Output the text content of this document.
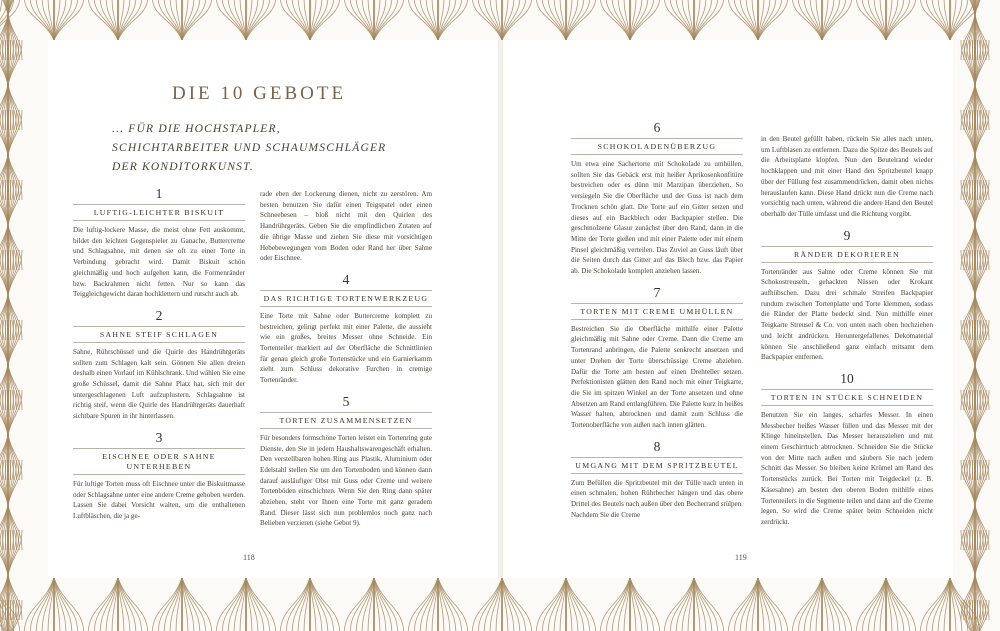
DIE 10 GEBOTE
... FÜR DIE HOCHSTAPLER, SCHICHTARBEITER UND SCHAUMSCHLÄGER DER KONDITORKUNST.
1
LUFTIG-LEICHTER BISKUIT
Die luftig-lockere Masse, die meist ohne Fett auskommt, bildet den leichten Gegenspieler zu Ganache, Buttercreme und Schlagsahne, mit denen sie oft zu einer Torte in Verbindung gebracht wird. Damit Biskuit schön gleichmäßig und hoch aufgehen kann, die Formenränder bzw. Backrahmen nicht fetten. Nur so kann das Teiggleichgewicht daran hochklettern und rutscht auch ab.
2
SAHNE STEIF SCHLAGEN
Sahne, Rührschüssel und die Quirle des Handrührgeräts sollten zum Schlagen kalt sein. Gönnen Sie allen dreien deshalb einen Vorlauf im Kühlschrank. Und wählen Sie eine große Schüssel, damit die Sahne Platz hat, sich mit der untergeschlagenen Luft aufzuplustern. Schlagsahne ist richtig steif, wenn die Quirle des Handrührgeräts dauerhaft sichtbare Spuren in ihr hinterlassen.
3
EISCHNEE ODER SAHNE UNTERHEBEN
Für luftige Torten muss oft Eischnee unter die Biskuitmasse oder Schlagsahne unter eine andere Creme gehoben werden. Lassen Sie dabei Vorsicht walten, um die enthaltenen Luftbläschen, die ja ge-
rade eben der Lockerung dienen, nicht zu zerstören. Am besten benutzen Sie dafür einen Teigspatel oder einen Schneebesen – bloß nicht mit den Quirlen des Handrührgeräts. Geben Sie die empfindlichen Zutaten auf die übrige Masse und ziehen Sie diese mit vorsichtigen Hebebewegungen vom Boden oder Rand her über Sahne oder Eischnee.
4
DAS RICHTIGE TORTENWERKZEUG
Eine Torte mit Sahne oder Buttercreme komplett zu bestreichen, gelingt perfekt mit einer Palette, die aussieht wie ein großes, breites Messer ohne Schneide. Ein Tortenteiler markiert auf der Oberfläche die Schnittlinien für genau gleich große Tortenstücke und ein Garnierkamm zieht zum Schluss dekorative Furchen in cremige Tortenränder.
5
TORTEN ZUSAMMENSETZEN
Für besonders formschöne Torten leistet ein Tortenring gute Dienste, den Sie in jedem Haushaltswarengeschäft erhalten. Den verstellbaren hohen Ring aus Plastik, Aluminium oder Edelstahl stellen Sie um den Tortenboden und können dann darauf ausläufiger Obst mit Guss oder Creme und weitere Tortenböden einschichten. Wenn Sie den Ring dann später abziehen, steht vor Ihnen eine Torte mit ganz geradem Rand. Dieser lässt sich nun problemlos noch ganz nach Belieben verzieren (siehe Gebot 9).
6
SCHOKOLADENÜBERZUG
Um etwa eine Sachertorte mit Schokolade zu umhüllen, sollten Sie das Gebäck erst mit heißer Aprikosenkonfitüre bestreichen oder es dünn mit Marzipan überziehen. So versiegeln Sie die Oberfläche und der Guss ist nach dem Trocknen schön glatt. Die Torte auf ein Gitter setzen und dieses auf ein Backblech oder Backpapier stellen. Die geschmolzene Glasur zunächst über den Rand, dann in die Mitte der Torte gießen und mit einer Palette oder mit einem Pinsel gleichmäßig verteilen. Das Zuviel an Guss läuft über die Seiten durch das Gitter auf das Blech bzw. das Papier ab. Die Schokolade komplett anziehen lassen.
7
TORTEN MIT CREME UMHÜLLEN
Bestreichen Sie die Oberfläche mithilfe einer Palette gleichmäßig mit Sahne oder Creme. Dann die Creme am Tortenrand anbringen, die Palette senkrecht ansetzen und unter Drehen der Torte überschüssige Creme abziehen. Dafür die Torte am besten auf einen Drehteller setzen. Perfektionisten glätten den Rand noch mit einer Teigkarte, die Sie im spitzen Winkel an der Torte ansetzen und ohne Absetzen am Rand entlangführen. Die Palette kurz in heißes Wasser halten, abtrocknen und damit zum Schluss die Tortenoberfläche von außen nach innen glätten.
8
UMGANG MIT DEM SPRITZBEUTEL
Zum Befüllen die Spritzbeutel mit der Tülle nach unten in einen schmalen, hohen Rührbecher hängen und das obere Drittel des Beutels nach außen über den Becherrand stülpen. Nachdem Sie die Creme
in den Beutel gefüllt haben, rückeln Sie alles nach unten, um Luftblasen zu entfernen. Dazu die Spitze des Beutels auf die Arbeitsplatte klopfen. Nun den Beutelrand wieder hochklappen und mit einer Hand den Spritzbeutel knapp über der Füllung fest zusammendrücken, damit oben nichts herauslaufen kann. Diese Hand drückt nun die Creme nach vorsichtig nach unten, während die andere Hand den Beutel oberhalb der Tülle umfasst und die Richtung vorgibt.
9
RÄNDER DEKORIEREN
Tortenränder aus Sahne oder Creme können Sie mit Schokostreuseln, gehackten Nüssen oder Krokant aufhübschen. Dazu drei schmale Streifen Backpapier rundum zwischen Tortenplatte und Torte klemmen, sodass die Ränder der Platte bedeckt sind. Nun mithilfe einer Teigkarte Streusel & Co. von unten nach oben hochziehen und leicht andrücken. Heruntergefallenes Dekomaterial können Sie anschließend ganz einfach mitsamt dem Backpapier entfernen.
10
TORTEN IN STÜCKE SCHNEIDEN
Benutzen Sie ein langes, scharfes Messer. In einen Messbecher heißes Wasser füllen und das Messer mit der Klinge hineinstellen. Das Messer herausziehen und mit einem Geschirrtuch abtrocknen. Schneiden Sie die Stücke von der Mitte nach außen und säubern Sie nach jedem Schnitt das Messer. So bleiben keine Krümel am Rand des Tortenstücks zurück. Bei Torten mit Teigdeckel (z. B. Käsesahne) am besten den oberen Boden mithilfe eines Tortenteilers in die Segmente teilen und dann auf die Creme legen. So wird die Creme später beim Schneiden nicht zerdrückt.
118	119
